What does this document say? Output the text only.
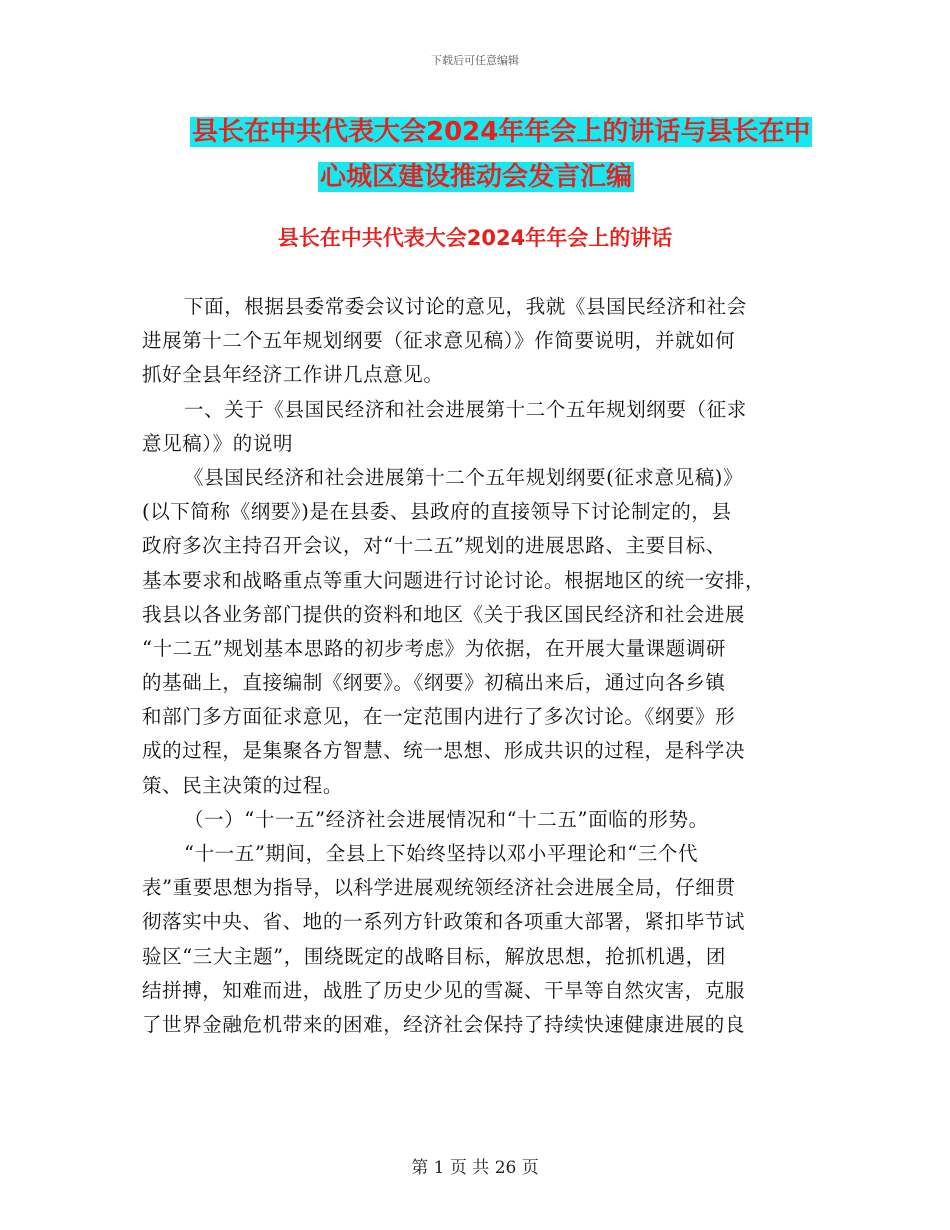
下载后可任意编辑
县长在中共代表大会2024年年会上的讲话与县长在中
心城区建设推动会发言汇编
县长在中共代表大会2024年年会上的讲话
下面，根据县委常委会议讨论的意见，我就《县国民经济和社会
进展第十二个五年规划纲要（征求意见稿）》作简要说明，并就如何
抓好全县年经济工作讲几点意见。
一、关于《县国民经济和社会进展第十二个五年规划纲要（征求
意见稿）》的说明
《县国民经济和社会进展第十二个五年规划纲要(征求意见稿)》
(以下简称《纲要》)是在县委、县政府的直接领导下讨论制定的，县
政府多次主持召开会议，对“十二五”规划的进展思路、主要目标、
基本要求和战略重点等重大问题进行讨论讨论。根据地区的统一安排，
我县以各业务部门提供的资料和地区《关于我区国民经济和社会进展
“十二五”规划基本思路的初步考虑》为依据，在开展大量课题调研
的基础上，直接编制《纲要》。《纲要》初稿出来后，通过向各乡镇
和部门多方面征求意见，在一定范围内进行了多次讨论。《纲要》形
成的过程，是集聚各方智慧、统一思想、形成共识的过程，是科学决
策、民主决策的过程。
（一）“十一五”经济社会进展情况和“十二五”面临的形势。
“十一五”期间，全县上下始终坚持以邓小平理论和“三个代
表”重要思想为指导，以科学进展观统领经济社会进展全局，仔细贯
彻落实中央、省、地的一系列方针政策和各项重大部署，紧扣毕节试
验区“三大主题”，围绕既定的战略目标，解放思想，抢抓机遇，团
结拼搏，知难而进，战胜了历史少见的雪凝、干旱等自然灾害，克服
了世界金融危机带来的困难，经济社会保持了持续快速健康进展的良
第 1 页 共 26 页
